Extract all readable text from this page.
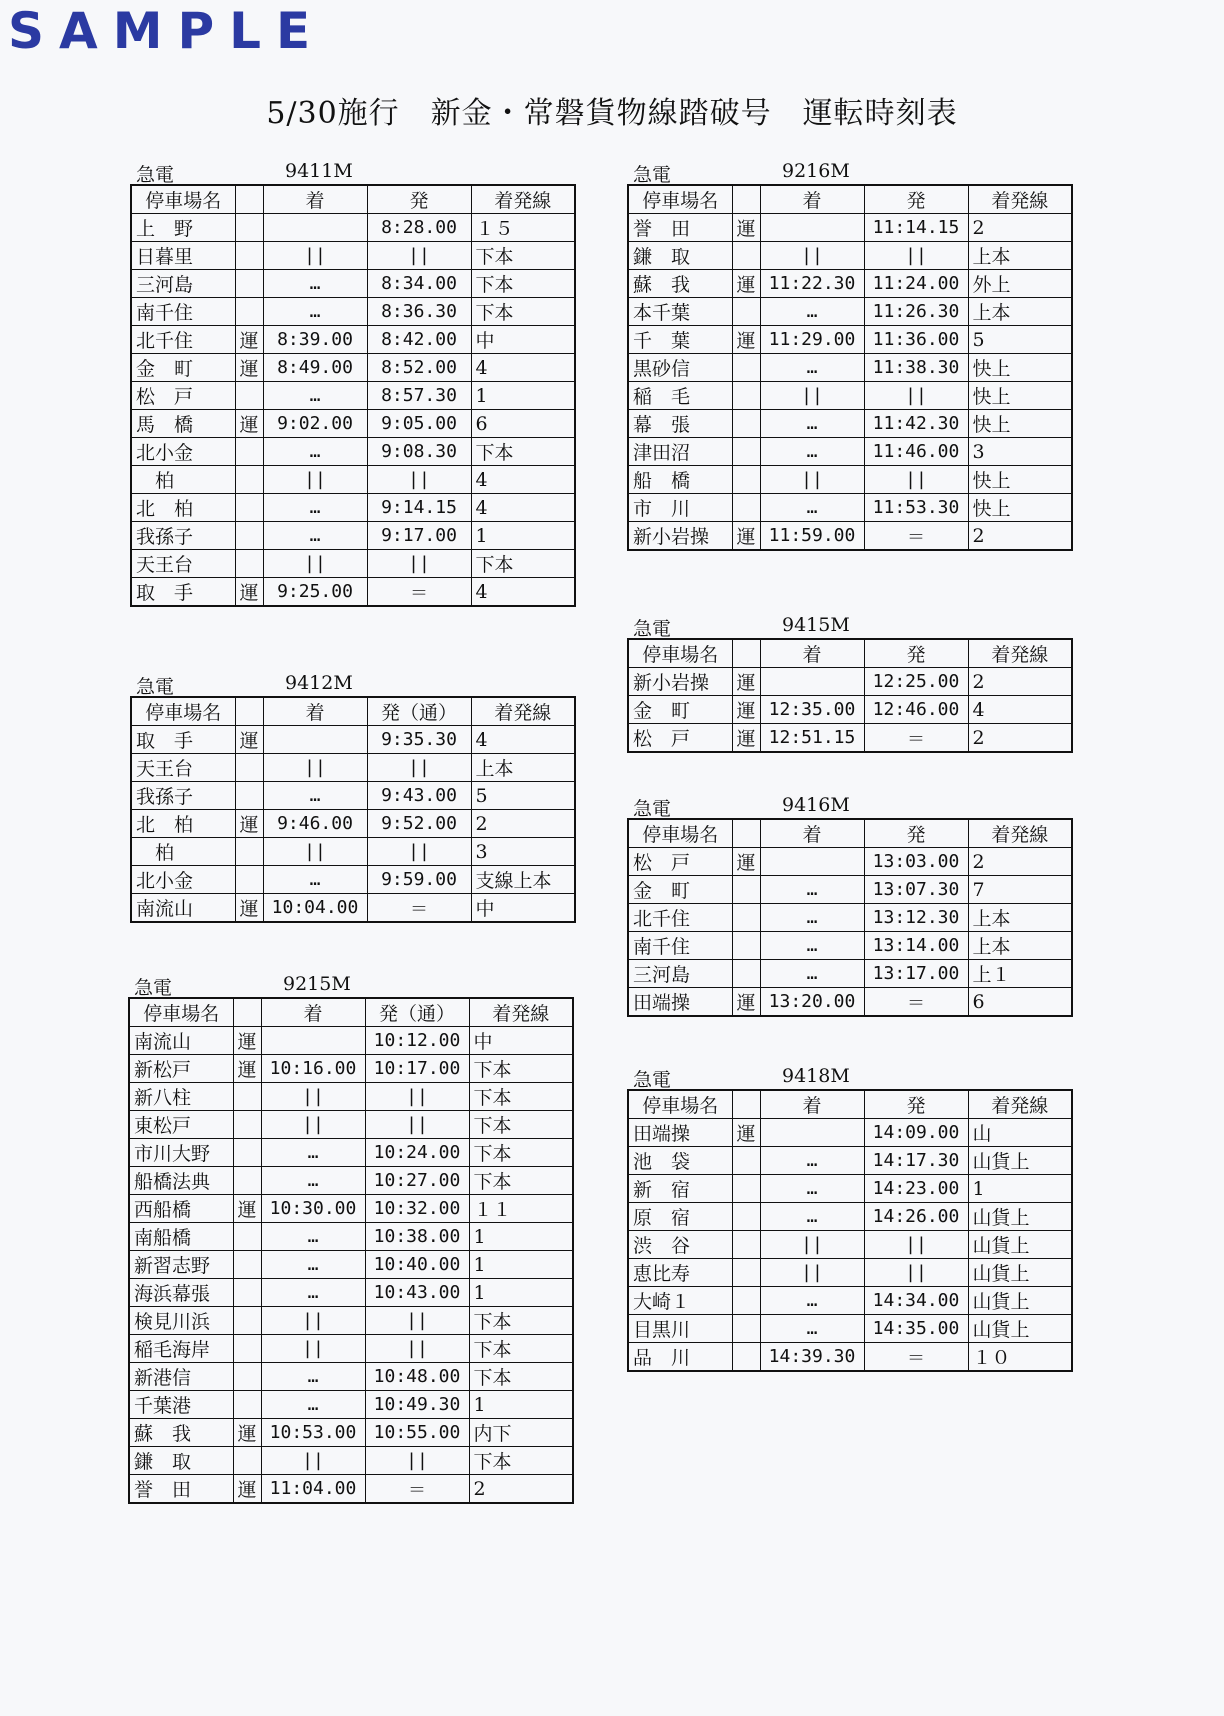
SAMPLE
5/30施行　新金・常磐貨物線踏破号　運転時刻表
急電	9411M
停車場名		着	発	着発線
上　野			8:28.00	１５
日暮里		||	||	下本
三河島		…	8:34.00	下本
南千住		…	8:36.30	下本
北千住	運	8:39.00	8:42.00	中
金　町	運	8:49.00	8:52.00	4
松　戸		…	8:57.30	1
馬　橋	運	9:02.00	9:05.00	6
北小金		…	9:08.30	下本
　柏		||	||	4
北　柏		…	9:14.15	4
我孫子		…	9:17.00	1
天王台		||	||	下本
取　手	運	9:25.00	＝	4
急電	9412M
停車場名		着	発（通）	着発線
取　手	運		9:35.30	4
天王台		||	||	上本
我孫子		…	9:43.00	5
北　柏	運	9:46.00	9:52.00	2
　柏		||	||	3
北小金		…	9:59.00	支線上本
南流山	運	10:04.00	＝	中
急電	9215M
停車場名		着	発（通）	着発線
南流山	運		10:12.00	中
新松戸	運	10:16.00	10:17.00	下本
新八柱		||	||	下本
東松戸		||	||	下本
市川大野		…	10:24.00	下本
船橋法典		…	10:27.00	下本
西船橋	運	10:30.00	10:32.00	１１
南船橋		…	10:38.00	1
新習志野		…	10:40.00	1
海浜幕張		…	10:43.00	1
検見川浜		||	||	下本
稲毛海岸		||	||	下本
新港信		…	10:48.00	下本
千葉港		…	10:49.30	1
蘇　我	運	10:53.00	10:55.00	内下
鎌　取		||	||	下本
誉　田	運	11:04.00	＝	2
急電	9216M
停車場名		着	発	着発線
誉　田	運		11:14.15	2
鎌　取		||	||	上本
蘇　我	運	11:22.30	11:24.00	外上
本千葉		…	11:26.30	上本
千　葉	運	11:29.00	11:36.00	5
黒砂信		…	11:38.30	快上
稲　毛		||	||	快上
幕　張		…	11:42.30	快上
津田沼		…	11:46.00	3
船　橋		||	||	快上
市　川		…	11:53.30	快上
新小岩操	運	11:59.00	＝	2
急電	9415M
停車場名		着	発	着発線
新小岩操	運		12:25.00	2
金　町	運	12:35.00	12:46.00	4
松　戸	運	12:51.15	＝	2
急電	9416M
停車場名		着	発	着発線
松　戸	運		13:03.00	2
金　町		…	13:07.30	7
北千住		…	13:12.30	上本
南千住		…	13:14.00	上本
三河島		…	13:17.00	上１
田端操	運	13:20.00	＝	6
急電	9418M
停車場名		着	発	着発線
田端操	運		14:09.00	山
池　袋		…	14:17.30	山貨上
新　宿		…	14:23.00	1
原　宿		…	14:26.00	山貨上
渋　谷		||	||	山貨上
恵比寿		||	||	山貨上
大崎１		…	14:34.00	山貨上
目黒川		…	14:35.00	山貨上
品　川		14:39.30	＝	１０
